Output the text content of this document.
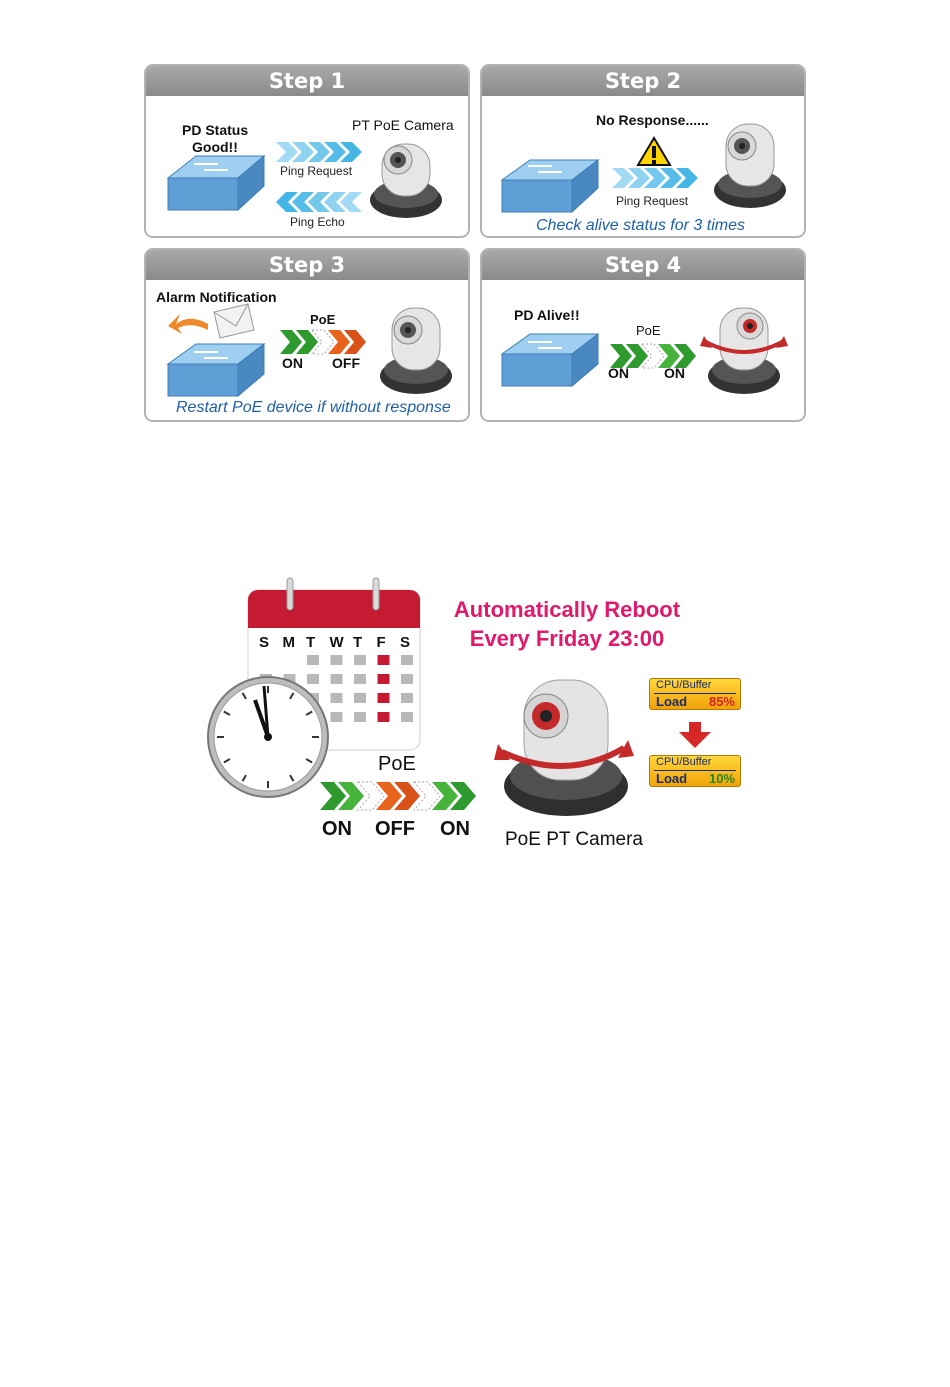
Step 1
PD Status
Good!!
PT PoE Camera
Ping Request
Ping Echo
Step 2
No Response......
Ping Request
Check alive status for 3 times
Step 3
Alarm Notification
PoE
ON OFF
Restart PoE device if without response
Step 4
PD Alive!!
PoE
ON	ON
S M T W T F S
Automatically Reboot
Every Friday 23:00
PoE
ON OFF ON PoE PT Camera
CPU/Buffer
Load 85%
CPU/Buffer
Load 10%
